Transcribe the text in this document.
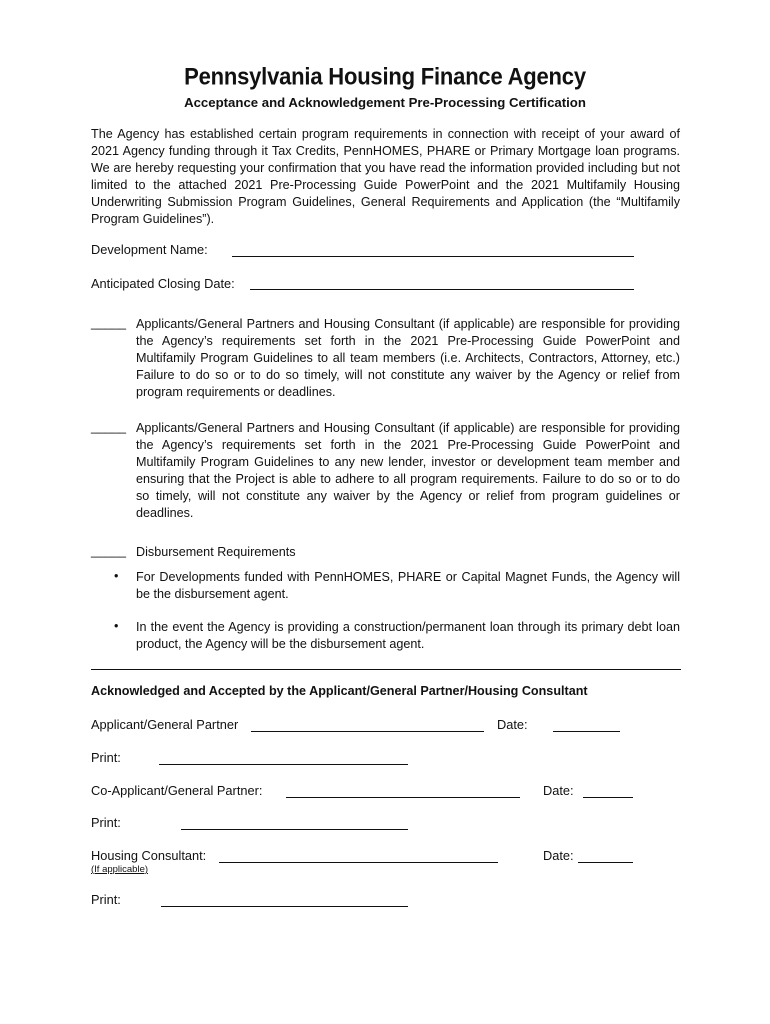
Pennsylvania Housing Finance Agency
Acceptance and Acknowledgement Pre-Processing Certification
The Agency has established certain program requirements in connection with receipt of your award of 2021 Agency funding through it Tax Credits, PennHOMES, PHARE or Primary Mortgage loan programs. We are hereby requesting your confirmation that you have read the information provided including but not limited to the attached 2021 Pre-Processing Guide PowerPoint and the 2021 Multifamily Housing Underwriting Submission Program Guidelines, General Requirements and Application (the “Multifamily Program Guidelines”).
Development Name:
Anticipated Closing Date:
_____ Applicants/General Partners and Housing Consultant (if applicable) are responsible for providing the Agency’s requirements set forth in the 2021 Pre-Processing Guide PowerPoint and Multifamily Program Guidelines to all team members (i.e. Architects, Contractors, Attorney, etc.) Failure to do so or to do so timely, will not constitute any waiver by the Agency or relief from program requirements or deadlines.
_____ Applicants/General Partners and Housing Consultant (if applicable) are responsible for providing the Agency’s requirements set forth in the 2021 Pre-Processing Guide PowerPoint and Multifamily Program Guidelines to any new lender, investor or development team member and ensuring that the Project is able to adhere to all program requirements. Failure to do so or to do so timely, will not constitute any waiver by the Agency or relief from program guidelines or deadlines.
_____ Disbursement Requirements
• For Developments funded with PennHOMES, PHARE or Capital Magnet Funds, the Agency will be the disbursement agent.
• In the event the Agency is providing a construction/permanent loan through its primary debt loan product, the Agency will be the disbursement agent.
Acknowledged and Accepted by the Applicant/General Partner/Housing Consultant
Applicant/General Partner	Date:
Print:
Co-Applicant/General Partner:	Date:
Print:
Housing Consultant:
(If applicable)
Date:
Print:
